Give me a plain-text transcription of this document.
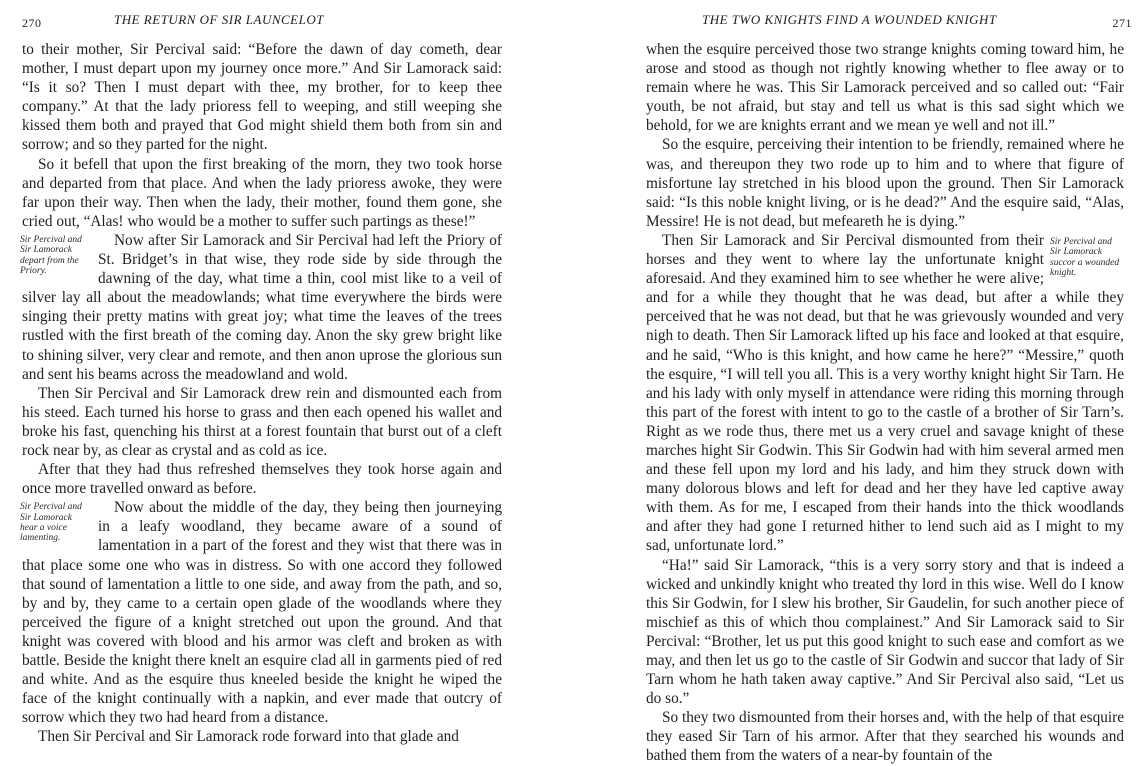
270	THE RETURN OF SIR LAUNCELOT

to their mother, Sir Percival said: “Before the dawn of day cometh, dear mother, I must depart upon my journey once more.” And Sir Lamorack said: “Is it so? Then I must depart with thee, my brother, for to keep thee company.” At that the lady prioress fell to weeping, and still weeping she kissed them both and prayed that God might shield them both from sin and sorrow; and so they parted for the night.

So it befell that upon the first breaking of the morn, they two took horse and departed from that place. And when the lady prioress awoke, they were far upon their way. Then when the lady, their mother, found them gone, she cried out, “Alas! who would be a mother to suffer such partings as these!”

Sir Percival and Sir Lamorack depart from the Priory.

Now after Sir Lamorack and Sir Percival had left the Priory of St. Bridget’s in that wise, they rode side by side through the dawning of the day, what time a thin, cool mist like to a veil of silver lay all about the meadowlands; what time everywhere the birds were singing their pretty matins with great joy; what time the leaves of the trees rustled with the first breath of the coming day. Anon the sky grew bright like to shining silver, very clear and remote, and then anon uprose the glorious sun and sent his beams across the meadowland and wold.

Then Sir Percival and Sir Lamorack drew rein and dismounted each from his steed. Each turned his horse to grass and then each opened his wallet and broke his fast, quenching his thirst at a forest fountain that burst out of a cleft rock near by, as clear as crystal and as cold as ice.

After that they had thus refreshed themselves they took horse again and once more travelled onward as before.

Sir Percival and Sir Lamorack hear a voice lamenting.

Now about the middle of the day, they being then journeying in a leafy woodland, they became aware of a sound of lamentation in a part of the forest and they wist that there was in that place some one who was in distress. So with one accord they followed that sound of lamentation a little to one side, and away from the path, and so, by and by, they came to a certain open glade of the woodlands where they perceived the figure of a knight stretched out upon the ground. And that knight was covered with blood and his armor was cleft and broken as with battle. Beside the knight there knelt an esquire clad all in garments pied of red and white. And as the esquire thus kneeled beside the knight he wiped the face of the knight continually with a napkin, and ever made that outcry of sorrow which they two had heard from a distance.

Then Sir Percival and Sir Lamorack rode forward into that glade and

THE TWO KNIGHTS FIND A WOUNDED KNIGHT	271

when the esquire perceived those two strange knights coming toward him, he arose and stood as though not rightly knowing whether to flee away or to remain where he was. This Sir Lamorack perceived and so called out: “Fair youth, be not afraid, but stay and tell us what is this sad sight which we behold, for we are knights errant and we mean ye well and not ill.”

So the esquire, perceiving their intention to be friendly, remained where he was, and thereupon they two rode up to him and to where that figure of misfortune lay stretched in his blood upon the ground. Then Sir Lamorack said: “Is this noble knight living, or is he dead?” And the esquire said, “Alas, Messire! He is not dead, but mefeareth he is dying.”

Sir Percival and Sir Lamorack succor a wounded knight.

Then Sir Lamorack and Sir Percival dismounted from their horses and they went to where lay the unfortunate knight aforesaid. And they examined him to see whether he were alive; and for a while they thought that he was dead, but after a while they perceived that he was not dead, but that he was grievously wounded and very nigh to death. Then Sir Lamorack lifted up his face and looked at that esquire, and he said, “Who is this knight, and how came he here?” “Messire,” quoth the esquire, “I will tell you all. This is a very worthy knight hight Sir Tarn. He and his lady with only myself in attendance were riding this morning through this part of the forest with intent to go to the castle of a brother of Sir Tarn’s. Right as we rode thus, there met us a very cruel and savage knight of these marches hight Sir Godwin. This Sir Godwin had with him several armed men and these fell upon my lord and his lady, and him they struck down with many dolorous blows and left for dead and her they have led captive away with them. As for me, I escaped from their hands into the thick woodlands and after they had gone I returned hither to lend such aid as I might to my sad, unfortunate lord.”

“Ha!” said Sir Lamorack, “this is a very sorry story and that is indeed a wicked and unkindly knight who treated thy lord in this wise. Well do I know this Sir Godwin, for I slew his brother, Sir Gaudelin, for such another piece of mischief as this of which thou complainest.” And Sir Lamorack said to Sir Percival: “Brother, let us put this good knight to such ease and comfort as we may, and then let us go to the castle of Sir Godwin and succor that lady of Sir Tarn whom he hath taken away captive.” And Sir Percival also said, “Let us do so.”

So they two dismounted from their horses and, with the help of that esquire they eased Sir Tarn of his armor. After that they searched his wounds and bathed them from the waters of a near-by fountain of the
